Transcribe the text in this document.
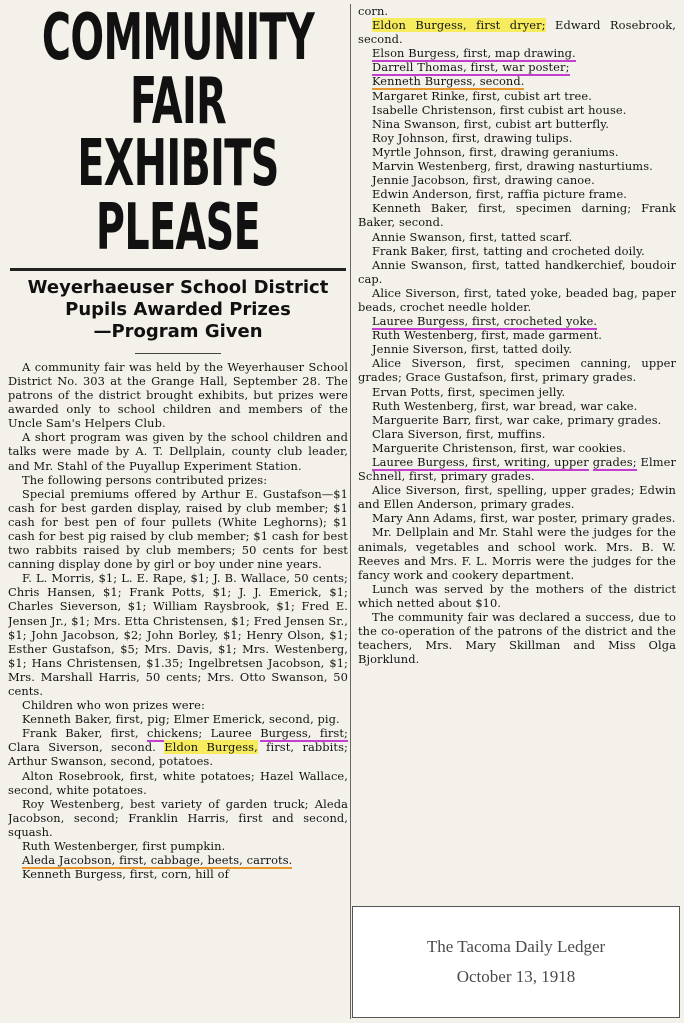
COMMUNITY FAIR
EXHIBITS PLEASE
Weyerhaeuser School District
Pupils Awarded Prizes
—Program Given

A community fair was held by the Weyerhauser School District No. 303 at the Grange Hall, September 28. The patrons of the district brought exhibits, but prizes were awarded only to school children and members of the Uncle Sam's Helpers Club.

A short program was given by the school children and talks were made by A. T. Dellplain, county club leader, and Mr. Stahl of the Puyallup Experiment Station.

The following persons contributed prizes:

Special premiums offered by Arthur E. Gustafson—$1 cash for best garden display, raised by club member; $1 cash for best pen of four pullets (White Leghorns); $1 cash for best pig raised by club member; $1 cash for best two rabbits raised by club members; 50 cents for best canning display done by girl or boy under nine years.

F. L. Morris, $1; L. E. Rape, $1; J. B. Wallace, 50 cents; Chris Hansen, $1; Frank Potts, $1; J. J. Emerick, $1; Charles Sieverson, $1; William Raysbrook, $1; Fred E. Jensen Jr., $1; Mrs. Etta Christensen, $1; Fred Jensen Sr., $1; John Jacobson, $2; John Borley, $1; Henry Olson, $1; Esther Gustafson, $5; Mrs. Davis, $1; Mrs. Westenberg, $1; Hans Christensen, $1.35; Ingelbretsen Jacobson, $1; Mrs. Marshall Harris, 50 cents; Mrs. Otto Swanson, 50 cents.

Children who won prizes were:

Kenneth Baker, first, pig; Elmer Emerick, second, pig.

Frank Baker, first, chickens; Lauree Burgess, first; Clara Siverson, second. Eldon Burgess, first, rabbits; Arthur Swanson, second, potatoes.

Alton Rosebrook, first, white potatoes; Hazel Wallace, second, white potatoes.

Roy Westenberg, best variety of garden truck; Aleda Jacobson, second; Franklin Harris, first and second, squash.

Ruth Westenberger, first pumpkin.

Aleda Jacobson, first, cabbage, beets, carrots.

Kenneth Burgess, first, corn, hill of

corn.

Eldon Burgess, first dryer; Edward Rosebrook, second.

Elson Burgess, first, map drawing.

Darrell Thomas, first, war poster;

Kenneth Burgess, second.

Margaret Rinke, first, cubist art tree.

Isabelle Christenson, first cubist art house.

Nina Swanson, first, cubist art butterfly.

Roy Johnson, first, drawing tulips.

Myrtle Johnson, first, drawing geraniums.

Marvin Westenberg, first, drawing nasturtiums.

Jennie Jacobson, first, drawing canoe.

Edwin Anderson, first, raffia picture frame.

Kenneth Baker, first, specimen darning; Frank Baker, second.

Annie Swanson, first, tatted scarf.

Frank Baker, first, tatting and crocheted doily.

Annie Swanson, first, tatted handkerchief, boudoir cap.

Alice Siverson, first, tated yoke, beaded bag, paper beads, crochet needle holder.

Lauree Burgess, first, crocheted yoke.

Ruth Westenberg, first, made garment.

Jennie Siverson, first, tatted doily.

Alice Siverson, first, specimen canning, upper grades; Grace Gustafson, first, primary grades.

Ervan Potts, first, specimen jelly.

Ruth Westenberg, first, war bread, war cake.

Marguerite Barr, first, war cake, primary grades.

Clara Siverson, first, muffins.

Marguerite Christenson, first, war cookies.

Lauree Burgess, first, writing, upper grades; Elmer Schnell, first, primary grades.

Alice Siverson, first, spelling, upper grades; Edwin and Ellen Anderson, primary grades.

Mary Ann Adams, first, war poster, primary grades.

Mr. Dellplain and Mr. Stahl were the judges for the animals, vegetables and school work. Mrs. B. W. Reeves and Mrs. F. L. Morris were the judges for the fancy work and cookery department.

Lunch was served by the mothers of the district which netted about $10.

The community fair was declared a success, due to the co-operation of the patrons of the district and the teachers, Mrs. Mary Skillman and Miss Olga Bjorklund.

The Tacoma Daily Ledger
October 13, 1918
